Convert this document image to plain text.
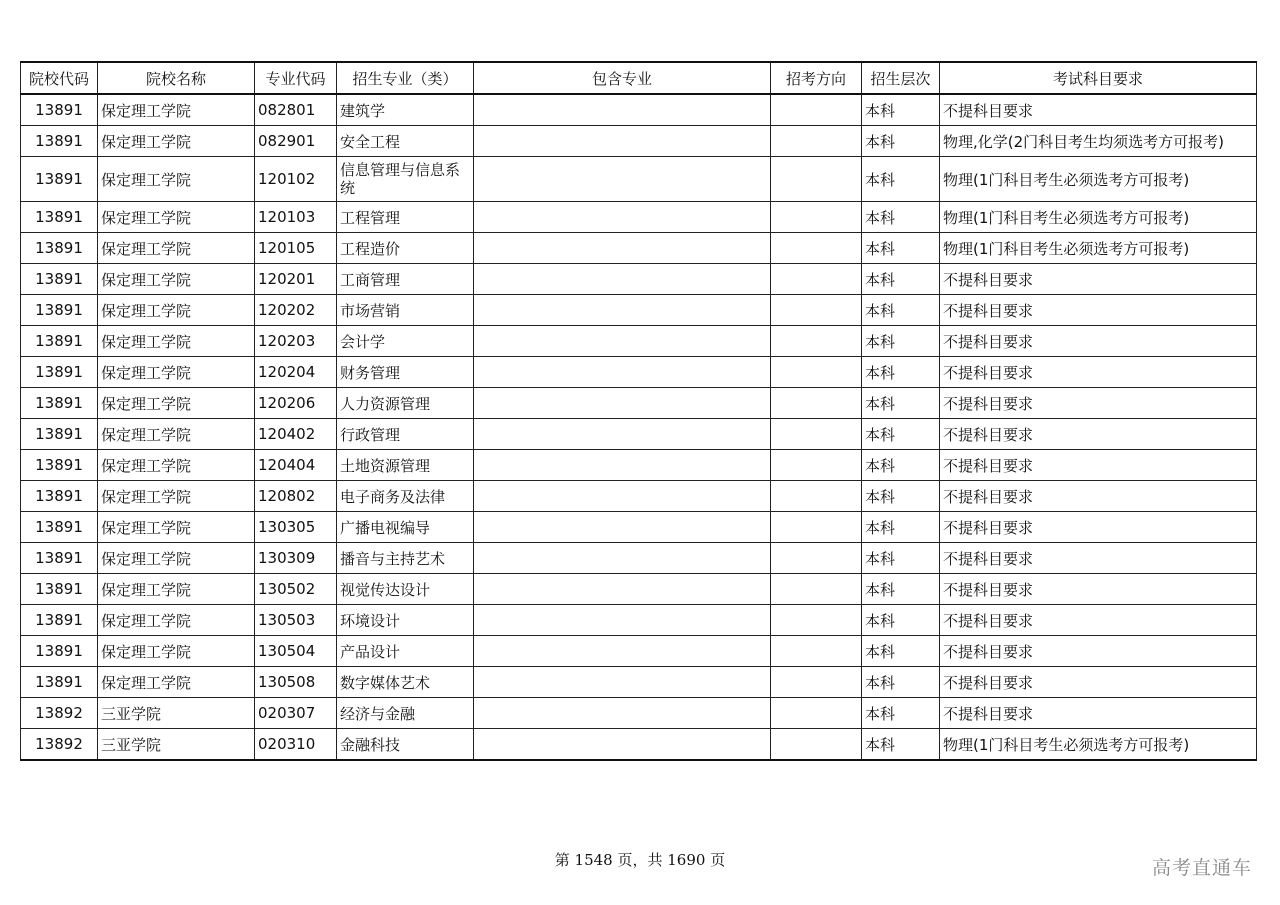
院校代码	院校名称	专业代码	招生专业（类）	包含专业	招考方向	招生层次	考试科目要求
13891	保定理工学院	082801	建筑学			本科	不提科目要求
13891	保定理工学院	082901	安全工程			本科	物理,化学(2门科目考生均须选考方可报考)
13891	保定理工学院	120102	信息管理与信息系统			本科	物理(1门科目考生必须选考方可报考)
13891	保定理工学院	120103	工程管理			本科	物理(1门科目考生必须选考方可报考)
13891	保定理工学院	120105	工程造价			本科	物理(1门科目考生必须选考方可报考)
13891	保定理工学院	120201	工商管理			本科	不提科目要求
13891	保定理工学院	120202	市场营销			本科	不提科目要求
13891	保定理工学院	120203	会计学			本科	不提科目要求
13891	保定理工学院	120204	财务管理			本科	不提科目要求
13891	保定理工学院	120206	人力资源管理			本科	不提科目要求
13891	保定理工学院	120402	行政管理			本科	不提科目要求
13891	保定理工学院	120404	土地资源管理			本科	不提科目要求
13891	保定理工学院	120802	电子商务及法律			本科	不提科目要求
13891	保定理工学院	130305	广播电视编导			本科	不提科目要求
13891	保定理工学院	130309	播音与主持艺术			本科	不提科目要求
13891	保定理工学院	130502	视觉传达设计			本科	不提科目要求
13891	保定理工学院	130503	环境设计			本科	不提科目要求
13891	保定理工学院	130504	产品设计			本科	不提科目要求
13891	保定理工学院	130508	数字媒体艺术			本科	不提科目要求
13892	三亚学院	020307	经济与金融			本科	不提科目要求
13892	三亚学院	020310	金融科技			本科	物理(1门科目考生必须选考方可报考)
第 1548 页，共 1690 页	高考直通车
